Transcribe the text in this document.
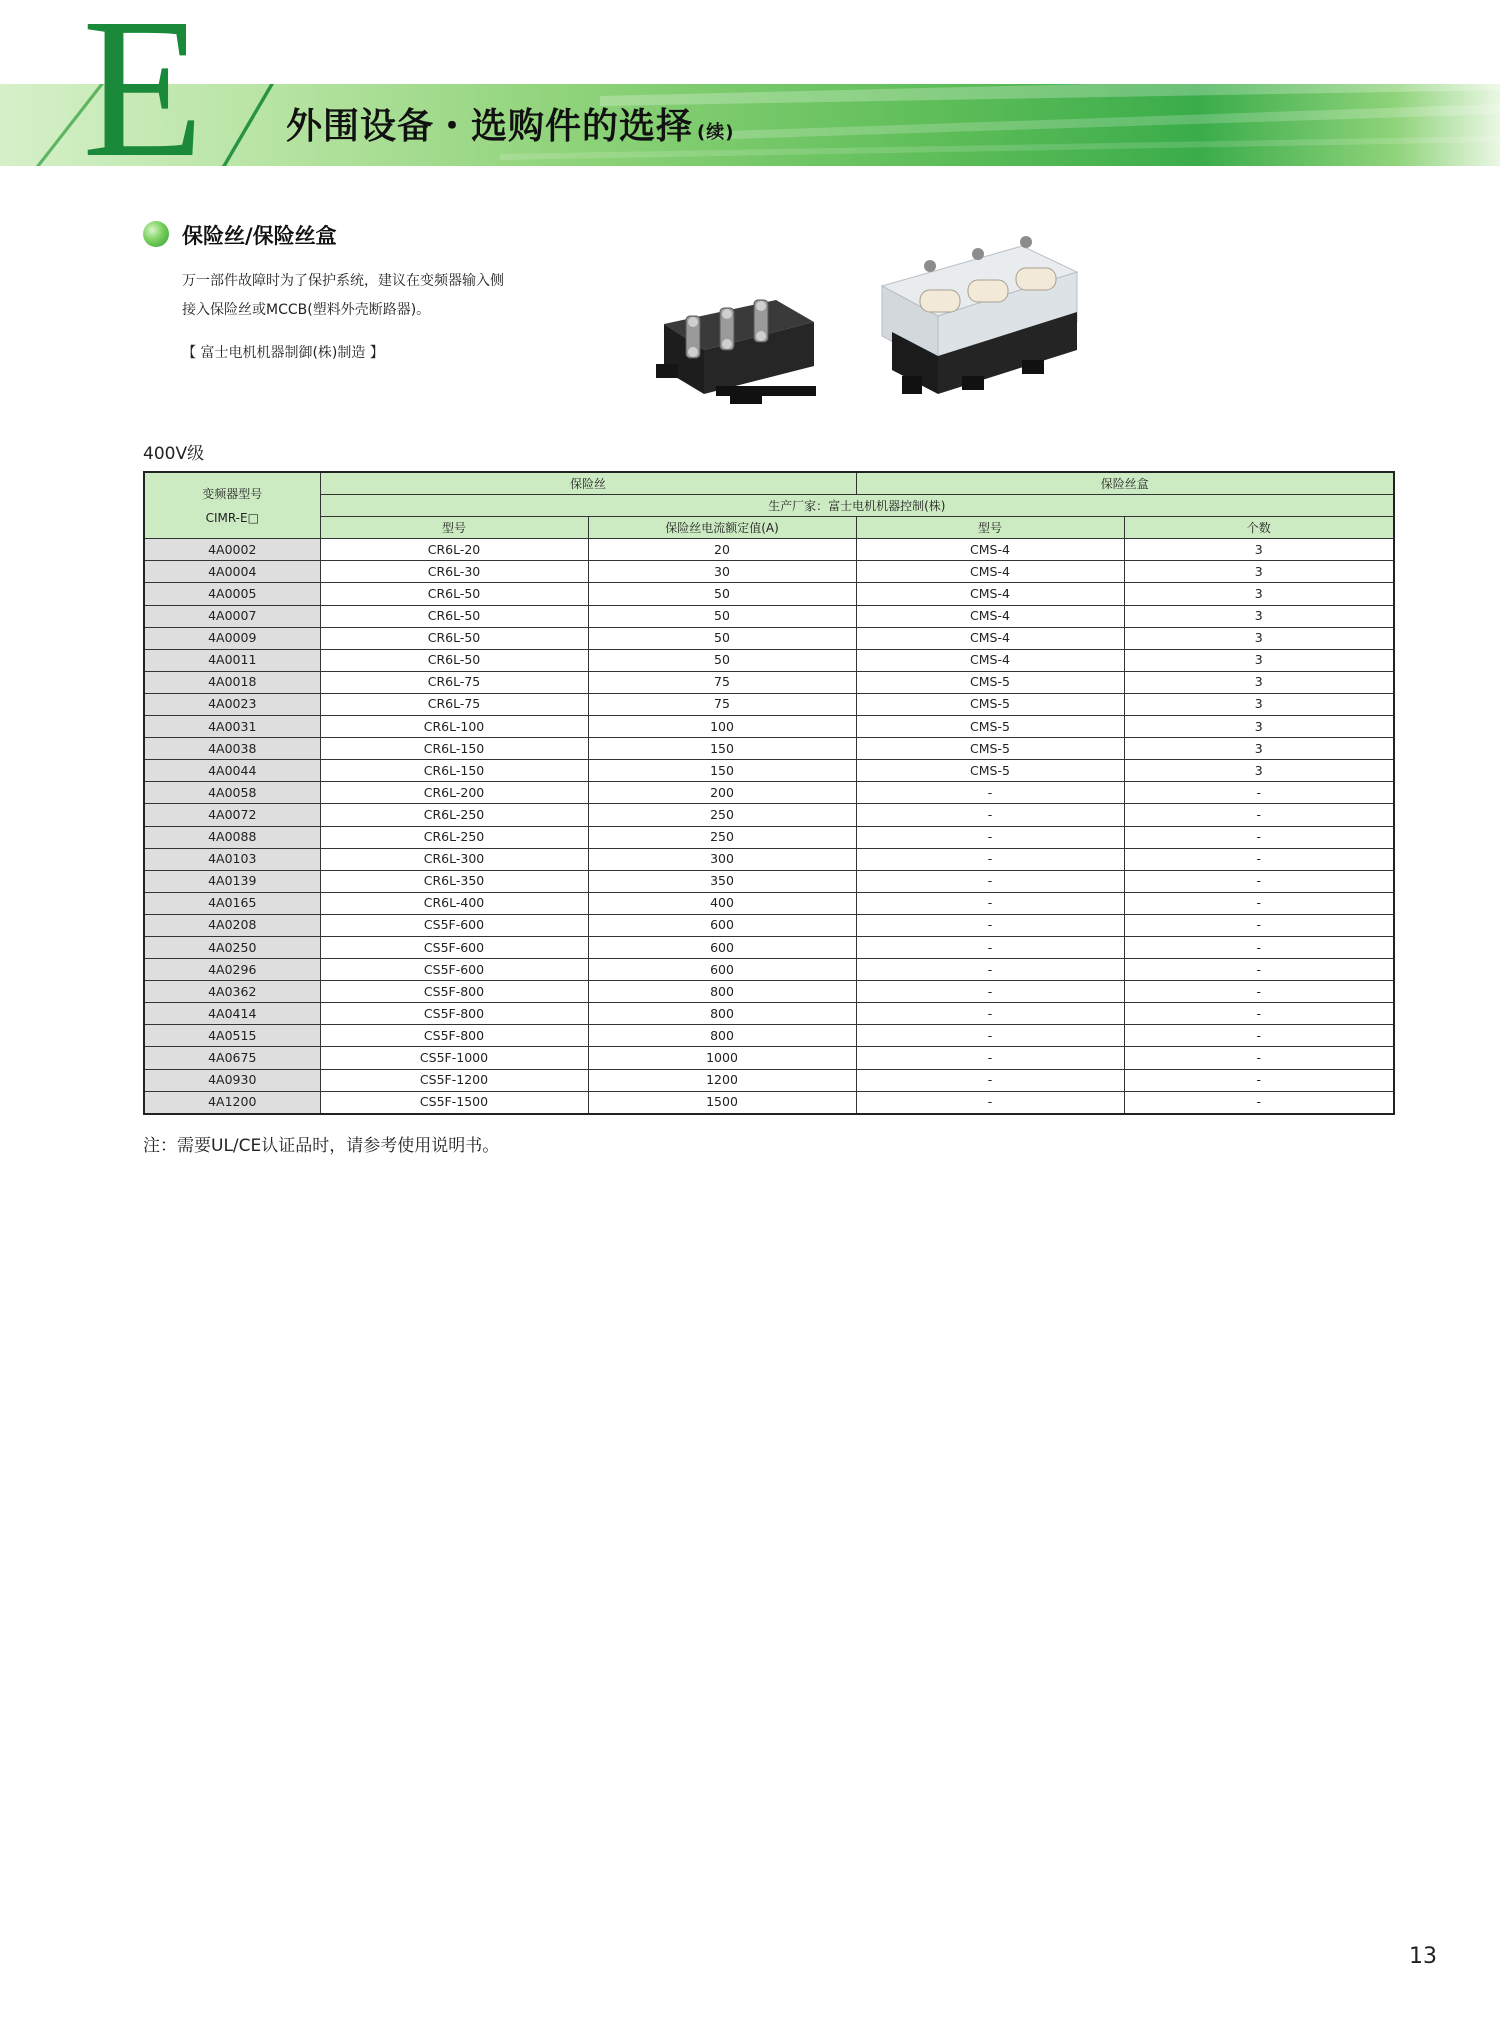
E 外围设备・选购件的选择 (续)
保险丝/保险丝盒
万一部件故障时为了保护系统，建议在变频器输入侧
接入保险丝或MCCB(塑料外壳断路器)。
【 富士电机机器制御(株)制造 】
400V级
变频器型号
CIMR-E□	保险丝		保险丝盒	
	生产厂家：富士电机机器控制(株)			
	型号	保险丝电流额定值(A)	型号	个数
4A0002	CR6L-20	20	CMS-4	3
4A0004	CR6L-30	30	CMS-4	3
4A0005	CR6L-50	50	CMS-4	3
4A0007	CR6L-50	50	CMS-4	3
4A0009	CR6L-50	50	CMS-4	3
4A0011	CR6L-50	50	CMS-4	3
4A0018	CR6L-75	75	CMS-5	3
4A0023	CR6L-75	75	CMS-5	3
4A0031	CR6L-100	100	CMS-5	3
4A0038	CR6L-150	150	CMS-5	3
4A0044	CR6L-150	150	CMS-5	3
4A0058	CR6L-200	200	-	-
4A0072	CR6L-250	250	-	-
4A0088	CR6L-250	250	-	-
4A0103	CR6L-300	300	-	-
4A0139	CR6L-350	350	-	-
4A0165	CR6L-400	400	-	-
4A0208	CS5F-600	600	-	-
4A0250	CS5F-600	600	-	-
4A0296	CS5F-600	600	-	-
4A0362	CS5F-800	800	-	-
4A0414	CS5F-800	800	-	-
4A0515	CS5F-800	800	-	-
4A0675	CS5F-1000	1000	-	-
4A0930	CS5F-1200	1200	-	-
4A1200	CS5F-1500	1500	-	-
注：需要UL/CE认证品时，请参考使用说明书。
13
